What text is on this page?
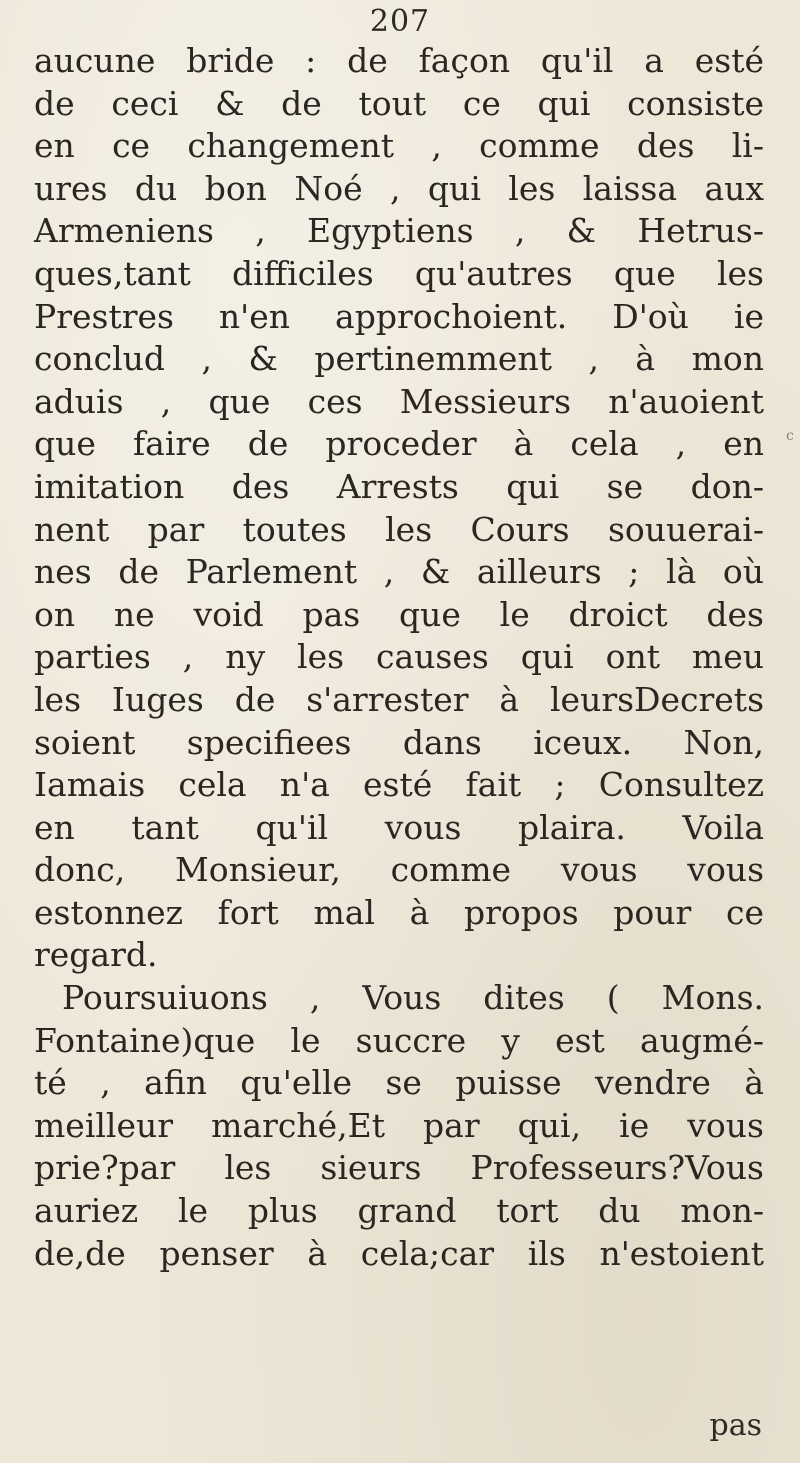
207
aucune bride : de façon qu'il a esté
de ceci & de tout ce qui consiste
en ce changement , comme des li-
ures du bon Noé , qui les laissa aux
Armeniens , Egyptiens , & Hetrus-
ques,tant difficiles qu'autres que les
Prestres n'en approchoient. D'où ie
conclud , & pertinemment , à mon
aduis , que ces Messieurs n'auoient
que faire de proceder à cela , en
imitation des Arrests qui se don-
nent par toutes les Cours souuerai-
nes de Parlement , & ailleurs ; là où
on ne void pas que le droict des
parties , ny les causes qui ont meu
les Iuges de s'arrester à leursDecrets
soient specifiees dans iceux. Non,
Iamais cela n'a esté fait ; Consultez
en tant qu'il vous plaira. Voila
donc, Monsieur, comme vous vous
estonnez fort mal à propos pour ce
regard.
Poursuiuons , Vous dites ( Mons.
Fontaine)que le succre y est augmé-
té , afin qu'elle se puisse vendre à
meilleur marché,Et par qui, ie vous
prie?par les sieurs Professeurs?Vous
auriez le plus grand tort du mon-
de,de penser à cela;car ils n'estoient
c
pas
